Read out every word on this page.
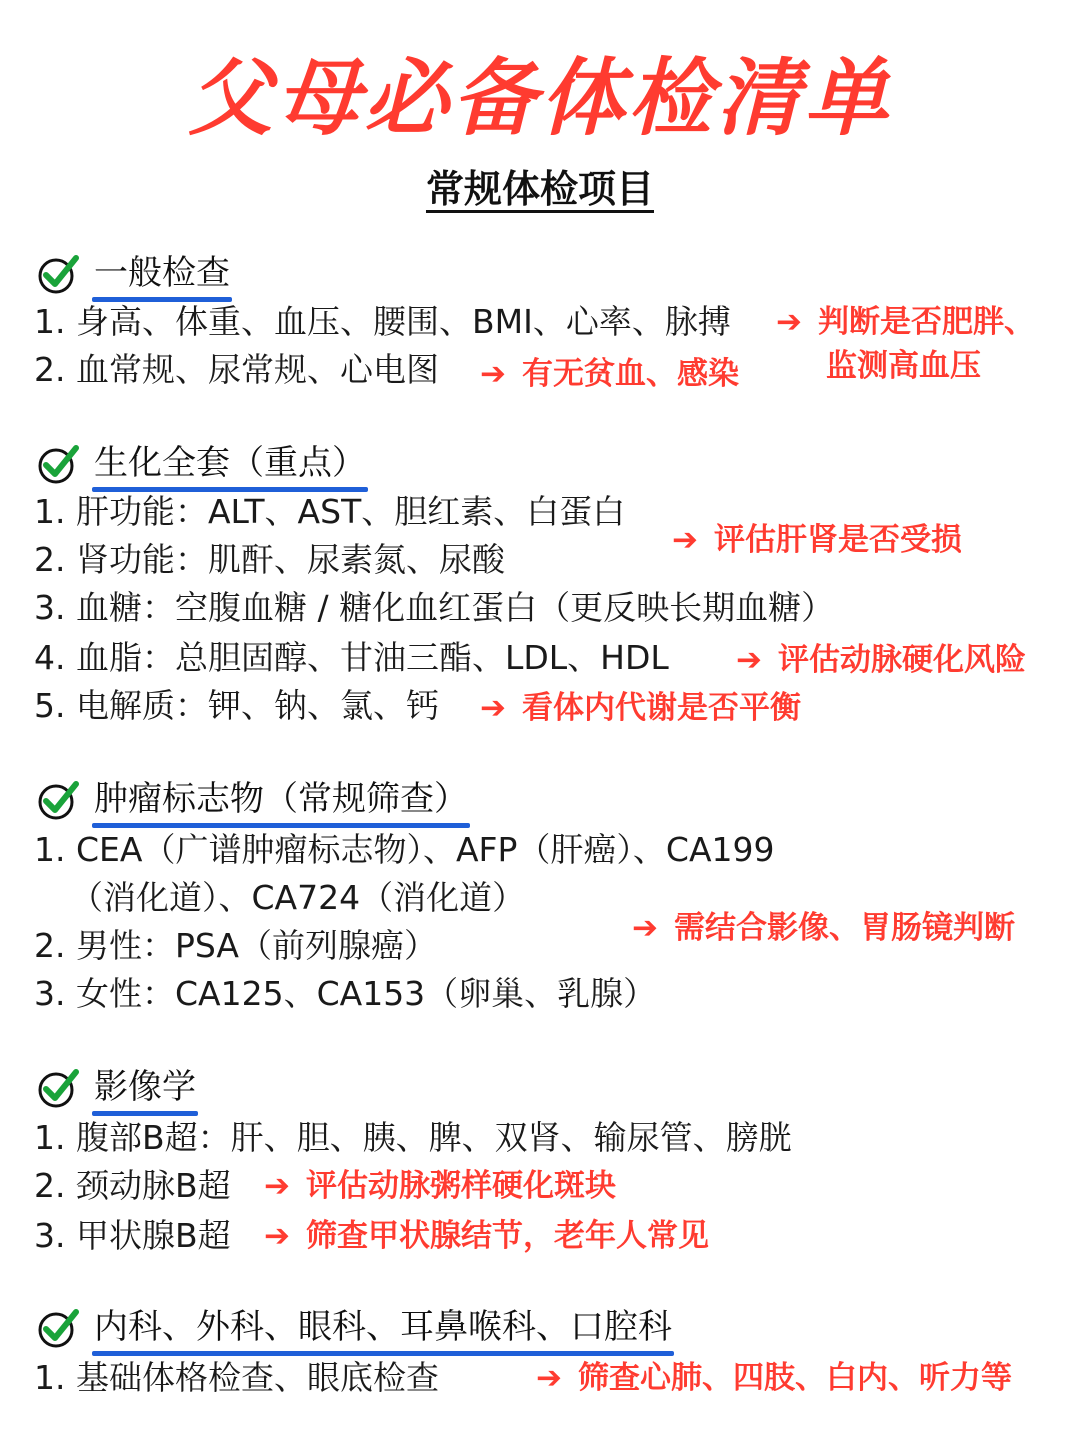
父母必备体检清单
常规体检项目
一般检查
1. 身高、体重、血压、腰围、BMI、心率、脉搏
2. 血常规、尿常规、心电图
➔ 判断是否肥胖、
监测高血压
➔ 有无贫血、感染
生化全套（重点）
1. 肝功能：ALT、AST、胆红素、白蛋白
2. 肾功能：肌酐、尿素氮、尿酸
3. 血糖：空腹血糖 / 糖化血红蛋白（更反映长期血糖）
4. 血脂：总胆固醇、甘油三酯、LDL、HDL
5. 电解质：钾、钠、氯、钙
➔ 评估肝肾是否受损
➔ 评估动脉硬化风险
➔ 看体内代谢是否平衡
肿瘤标志物（常规筛查）
1. CEA（广谱肿瘤标志物）、AFP（肝癌）、CA199
（消化道）、CA724（消化道）
2. 男性：PSA（前列腺癌）
3. 女性：CA125、CA153（卵巢、乳腺）
➔ 需结合影像、胃肠镜判断
影像学
1. 腹部B超：肝、胆、胰、脾、双肾、输尿管、膀胱
2. 颈动脉B超
3. 甲状腺B超
➔ 评估动脉粥样硬化斑块
➔ 筛查甲状腺结节，老年人常见
内科、外科、眼科、耳鼻喉科、口腔科
1. 基础体格检查、眼底检查	➔ 筛查心肺、四肢、白内、听力等
